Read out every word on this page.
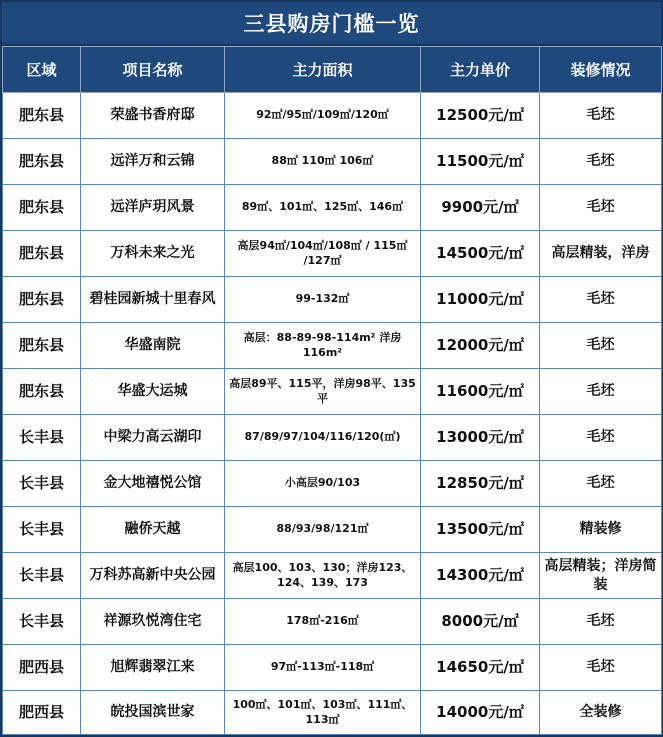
三县购房门槛一览
区域	项目名称	主力面积	主力单价	装修情况
肥东县	荣盛书香府邸	92㎡/95㎡/109㎡/120㎡	12500元/㎡	毛坯
肥东县	远洋万和云锦	88㎡ 110㎡ 106㎡	11500元/㎡	毛坯
肥东县	远洋庐玥风景	89㎡、101㎡、125㎡、146㎡	9900元/㎡	毛坯
肥东县	万科未来之光	高层94㎡/104㎡/108㎡ / 115㎡ /127㎡	14500元/㎡	高层精装，洋房
肥东县	碧桂园新城十里春风	99-132㎡	11000元/㎡	毛坯
肥东县	华盛南院	高层：88-89-98-114m² 洋房116m²	12000元/㎡	毛坯
肥东县	华盛大运城	高层89平、115平，洋房98平、135平	11600元/㎡	毛坯
长丰县	中梁力高云湖印	87/89/97/104/116/120(㎡)	13000元/㎡	毛坯
长丰县	金大地禧悦公馆	小高层90/103	12850元/㎡	毛坯
长丰县	融侨天越	88/93/98/121㎡	13500元/㎡	精装修
长丰县	万科苏高新中央公园	高层100、103、130；洋房123、124、139、173	14300元/㎡	高层精装；洋房简装
长丰县	祥源玖悦湾住宅	178㎡-216㎡	8000元/㎡	毛坯
肥西县	旭辉翡翠江来	97㎡-113㎡-118㎡	14650元/㎡	毛坯
肥西县	皖投国滨世家	100㎡、101㎡、103㎡、111㎡、113㎡	14000元/㎡	全装修
